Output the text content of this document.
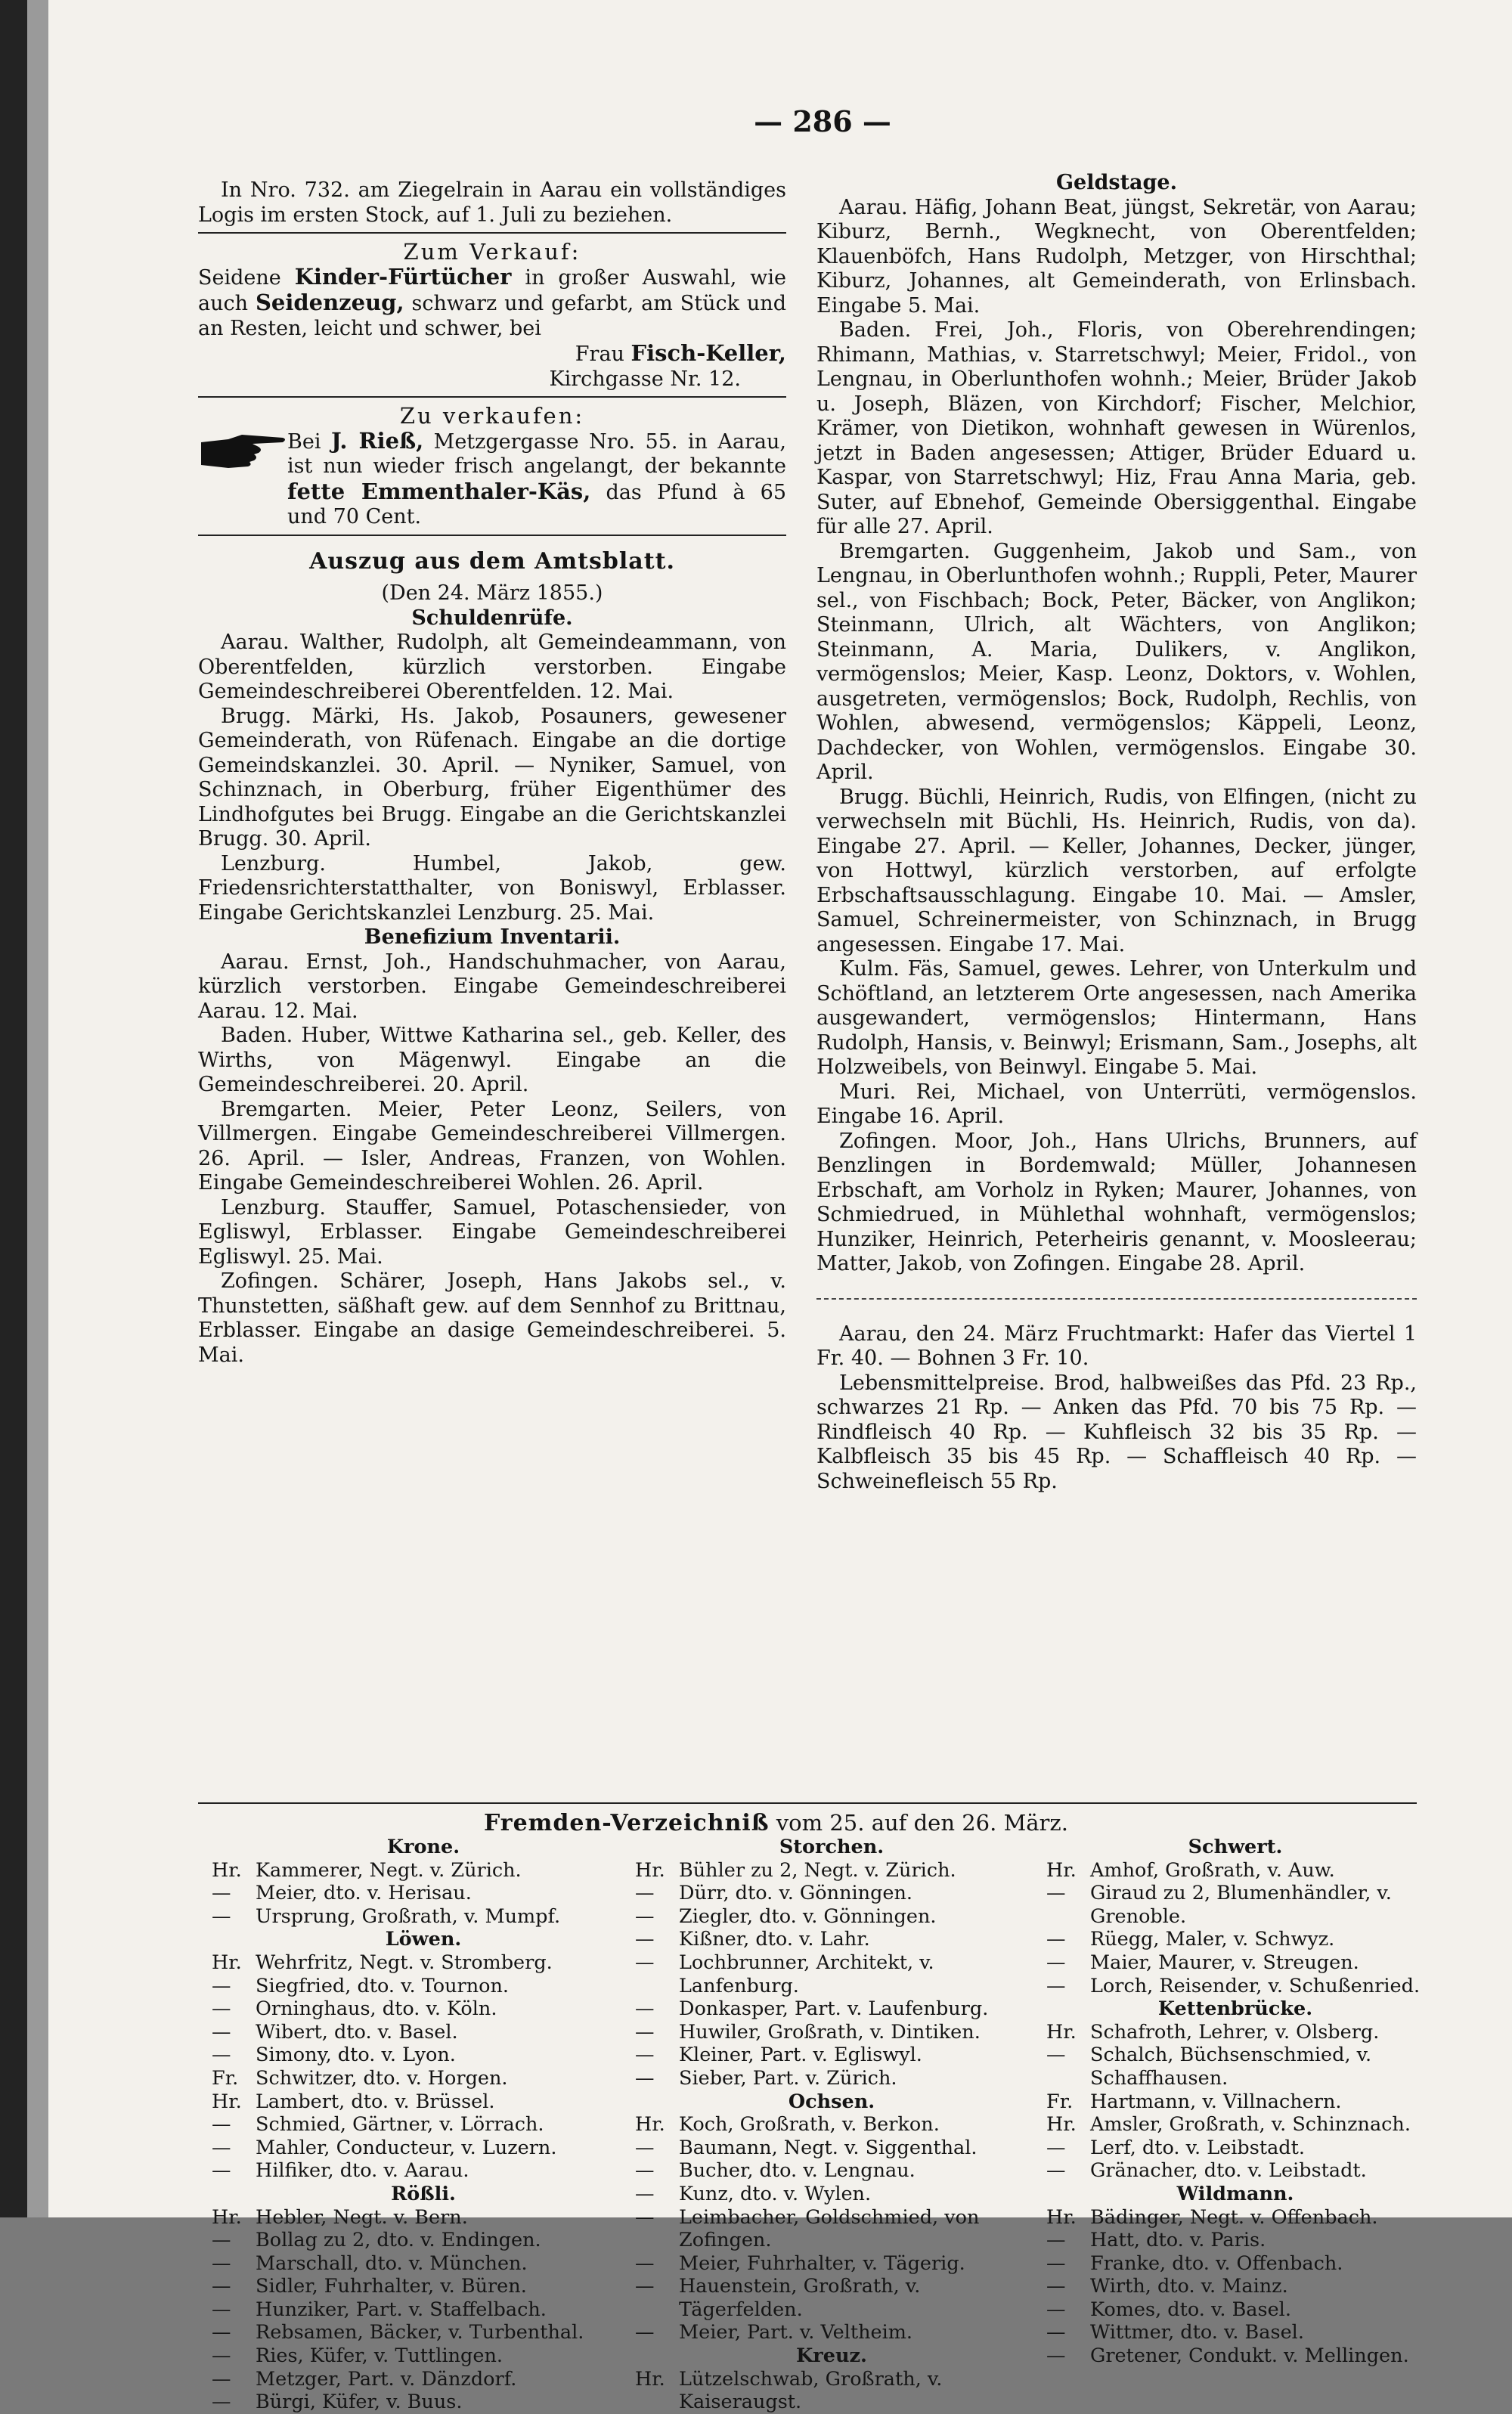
— 286 —
In Nro. 732. am Ziegelrain in Aarau ein vollständiges Logis im ersten Stock, auf 1. Juli zu beziehen.
Zum Verkauf:
Seidene Kinder-Fürtücher in großer Auswahl, wie auch Seidenzeug, schwarz und gefarbt, am Stück und an Resten, leicht und schwer, bei
Frau Fisch-Keller,
Kirchgasse Nr. 12.
Zu verkaufen:
Bei J. Rieß, Metzgergasse Nro. 55. in Aarau, ist nun wieder frisch angelangt, der bekannte fette Emmenthaler-Käs, das Pfund à 65 und 70 Cent.
Auszug aus dem Amtsblatt.
(Den 24. März 1855.)
Schuldenrüfe.
Aarau. Walther, Rudolph, alt Gemeindeammann, von Oberentfelden, kürzlich verstorben. Eingabe Gemeindeschreiberei Oberentfelden. 12. Mai.
Brugg. Märki, Hs. Jakob, Posauners, gewesener Gemeinderath, von Rüfenach. Eingabe an die dortige Gemeindskanzlei. 30. April. — Nyniker, Samuel, von Schinznach, in Oberburg, früher Eigenthümer des Lindhofgutes bei Brugg. Eingabe an die Gerichtskanzlei Brugg. 30. April.
Lenzburg. Humbel, Jakob, gew. Friedensrichterstatthalter, von Boniswyl, Erblasser. Eingabe Gerichtskanzlei Lenzburg. 25. Mai.
Benefizium Inventarii.
Aarau. Ernst, Joh., Handschuhmacher, von Aarau, kürzlich verstorben. Eingabe Gemeindeschreiberei Aarau. 12. Mai.
Baden. Huber, Wittwe Katharina sel., geb. Keller, des Wirths, von Mägenwyl. Eingabe an die Gemeindeschreiberei. 20. April.
Bremgarten. Meier, Peter Leonz, Seilers, von Villmergen. Eingabe Gemeindeschreiberei Villmergen. 26. April. — Isler, Andreas, Franzen, von Wohlen. Eingabe Gemeindeschreiberei Wohlen. 26. April.
Lenzburg. Stauffer, Samuel, Potaschensieder, von Egliswyl, Erblasser. Eingabe Gemeindeschreiberei Egliswyl. 25. Mai.
Zofingen. Schärer, Joseph, Hans Jakobs sel., v. Thunstetten, säßhaft gew. auf dem Sennhof zu Brittnau, Erblasser. Eingabe an dasige Gemeindeschreiberei. 5. Mai.
Geldstage.
Aarau. Häfig, Johann Beat, jüngst, Sekretär, von Aarau; Kiburz, Bernh., Wegknecht, von Oberentfelden; Klauenböfch, Hans Rudolph, Metzger, von Hirschthal; Kiburz, Johannes, alt Gemeinderath, von Erlinsbach. Eingabe 5. Mai.
Baden. Frei, Joh., Floris, von Oberehrendingen; Rhimann, Mathias, v. Starretschwyl; Meier, Fridol., von Lengnau, in Oberlunthofen wohnh.; Meier, Brüder Jakob u. Joseph, Bläzen, von Kirchdorf; Fischer, Melchior, Krämer, von Dietikon, wohnhaft gewesen in Würenlos, jetzt in Baden angesessen; Attiger, Brüder Eduard u. Kaspar, von Starretschwyl; Hiz, Frau Anna Maria, geb. Suter, auf Ebnehof, Gemeinde Obersiggenthal. Eingabe für alle 27. April.
Bremgarten. Guggenheim, Jakob und Sam., von Lengnau, in Oberlunthofen wohnh.; Ruppli, Peter, Maurer sel., von Fischbach; Bock, Peter, Bäcker, von Anglikon; Steinmann, Ulrich, alt Wächters, von Anglikon; Steinmann, A. Maria, Dulikers, v. Anglikon, vermögenslos; Meier, Kasp. Leonz, Doktors, v. Wohlen, ausgetreten, vermögenslos; Bock, Rudolph, Rechlis, von Wohlen, abwesend, vermögenslos; Käppeli, Leonz, Dachdecker, von Wohlen, vermögenslos. Eingabe 30. April.
Brugg. Büchli, Heinrich, Rudis, von Elfingen, (nicht zu verwechseln mit Büchli, Hs. Heinrich, Rudis, von da). Eingabe 27. April. — Keller, Johannes, Decker, jünger, von Hottwyl, kürzlich verstorben, auf erfolgte Erbschaftsausschlagung. Eingabe 10. Mai. — Amsler, Samuel, Schreinermeister, von Schinznach, in Brugg angesessen. Eingabe 17. Mai.
Kulm. Fäs, Samuel, gewes. Lehrer, von Unterkulm und Schöftland, an letzterem Orte angesessen, nach Amerika ausgewandert, vermögenslos; Hintermann, Hans Rudolph, Hansis, v. Beinwyl; Erismann, Sam., Josephs, alt Holzweibels, von Beinwyl. Eingabe 5. Mai.
Muri. Rei, Michael, von Unterrüti, vermögenslos. Eingabe 16. April.
Zofingen. Moor, Joh., Hans Ulrichs, Brunners, auf Benzlingen in Bordemwald; Müller, Johannesen Erbschaft, am Vorholz in Ryken; Maurer, Johannes, von Schmiedrued, in Mühlethal wohnhaft, vermögenslos; Hunziker, Heinrich, Peterheiris genannt, v. Moosleerau; Matter, Jakob, von Zofingen. Eingabe 28. April.
Aarau, den 24. März Fruchtmarkt: Hafer das Viertel 1 Fr. 40. — Bohnen 3 Fr. 10.
Lebensmittelpreise. Brod, halbweißes das Pfd. 23 Rp., schwarzes 21 Rp. — Anken das Pfd. 70 bis 75 Rp. — Rindfleisch 40 Rp. — Kuhfleisch 32 bis 35 Rp. — Kalbfleisch 35 bis 45 Rp. — Schaffleisch 40 Rp. — Schweinefleisch 55 Rp.
Fremden-Verzeichniß vom 25. auf den 26. März.
Krone.
Hr. Kammerer, Negt. v. Zürich.
—	Meier, dto. v. Herisau.
—	Ursprung, Großrath, v. Mumpf.
Löwen.
Hr. Wehrfritz, Negt. v. Stromberg.
—	Siegfried, dto. v. Tournon.
—	Orninghaus, dto. v. Köln.
—	Wibert, dto. v. Basel.
—	Simony, dto. v. Lyon.
Fr. Schwitzer, dto. v. Horgen.
Hr. Lambert, dto. v. Brüssel.
—	Schmied, Gärtner, v. Lörrach.
—	Mahler, Conducteur, v. Luzern.
—	Hilfiker, dto. v. Aarau.
Rößli.
Hr. Hebler, Negt. v. Bern.
—	Bollag zu 2, dto. v. Endingen.
—	Marschall, dto. v. München.
—	Sidler, Fuhrhalter, v. Büren.
—	Hunziker, Part. v. Staffelbach.
—	Rebsamen, Bäcker, v. Turbenthal.
—	Ries, Küfer, v. Tuttlingen.
—	Metzger, Part. v. Dänzdorf.
—	Bürgi, Küfer, v. Buus.
Storchen.
Hr. Bühler zu 2, Negt. v. Zürich.
—	Dürr, dto. v. Gönningen.
—	Ziegler, dto. v. Gönningen.
—	Kißner, dto. v. Lahr.
—	Lochbrunner, Architekt, v. Lanfenburg.
—	Donkasper, Part. v. Laufenburg.
—	Huwiler, Großrath, v. Dintiken.
—	Kleiner, Part. v. Egliswyl.
—	Sieber, Part. v. Zürich.
Ochsen.
Hr. Koch, Großrath, v. Berkon.
—	Baumann, Negt. v. Siggenthal.
—	Bucher, dto. v. Lengnau.
—	Kunz, dto. v. Wylen.
—	Leimbacher, Goldschmied, von Zofingen.
—	Meier, Fuhrhalter, v. Tägerig.
—	Hauenstein, Großrath, v. Tägerfelden.
—	Meier, Part. v. Veltheim.
Kreuz.
Hr. Lützelschwab, Großrath, v. Kaiseraugst.
Schwert.
Hr. Amhof, Großrath, v. Auw.
—	Giraud zu 2, Blumenhändler, v. Grenoble.
—	Rüegg, Maler, v. Schwyz.
—	Maier, Maurer, v. Streugen.
—	Lorch, Reisender, v. Schußenried.
Kettenbrücke.
Hr. Schafroth, Lehrer, v. Olsberg.
—	Schalch, Büchsenschmied, v. Schaffhausen.
Fr. Hartmann, v. Villnachern.
Hr. Amsler, Großrath, v. Schinznach.
—	Lerf, dto. v. Leibstadt.
—	Gränacher, dto. v. Leibstadt.
Wildmann.
Hr. Bädinger, Negt. v. Offenbach.
—	Hatt, dto. v. Paris.
—	Franke, dto. v. Offenbach.
—	Wirth, dto. v. Mainz.
—	Komes, dto. v. Basel.
—	Wittmer, dto. v. Basel.
—	Gretener, Condukt. v. Mellingen.
